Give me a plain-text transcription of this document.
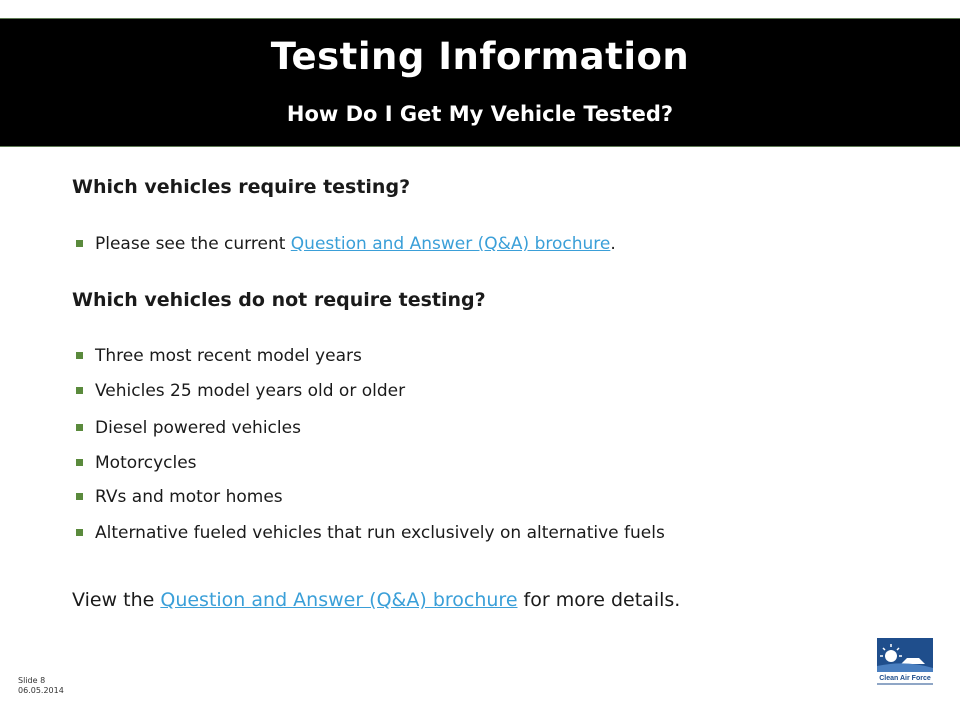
Testing Information
How Do I Get My Vehicle Tested?
Which vehicles require testing?
Please see the current Question and Answer (Q&A) brochure.
Which vehicles do not require testing?
Three most recent model years
Vehicles 25 model years old or older
Diesel powered vehicles
Motorcycles
RVs and motor homes
Alternative fueled vehicles that run exclusively on alternative fuels
View the Question and Answer (Q&A) brochure for more details.
Slide 8
06.05.2014
Clean Air Force
